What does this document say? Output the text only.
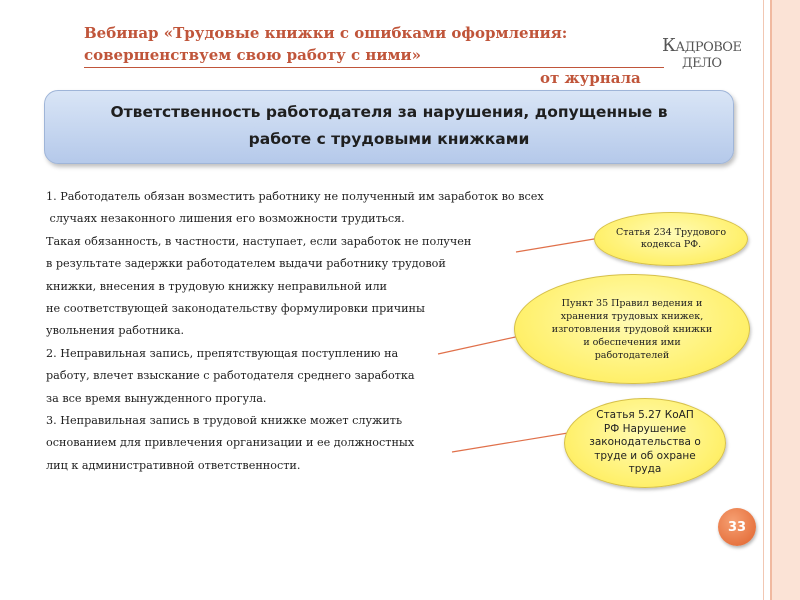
Вебинар «Трудовые книжки с ошибками оформления:
совершенствуем свою работу с ними»
от журнала
Кадровое
дело
Ответственность работодателя за нарушения, допущенные в
работе с трудовыми книжками

1. Работодатель обязан возместить работнику не полученный им заработок во всех

случаях незаконного лишения его возможности трудиться.

Такая обязанность, в частности, наступает, если заработок не получен

в результате задержки работодателем выдачи работнику трудовой

книжки, внесения в трудовую книжку неправильной или

не соответствующей законодательству формулировки причины

увольнения работника.

2. Неправильная запись, препятствующая поступлению на

работу, влечет взыскание с работодателя среднего заработка

за все время вынужденного прогула.

3. Неправильная запись в трудовой книжке может служить

основанием для привлечения организации и ее должностных

лиц к административной ответственности.

Статья 234 Трудового кодекса РФ.
Пункт 35 Правил ведения и хранения трудовых книжек, изготовления трудовой книжки и обеспечения ими работодателей
Статья 5.27 КоАП РФ Нарушение законодательства о труде и об охране труда
33
